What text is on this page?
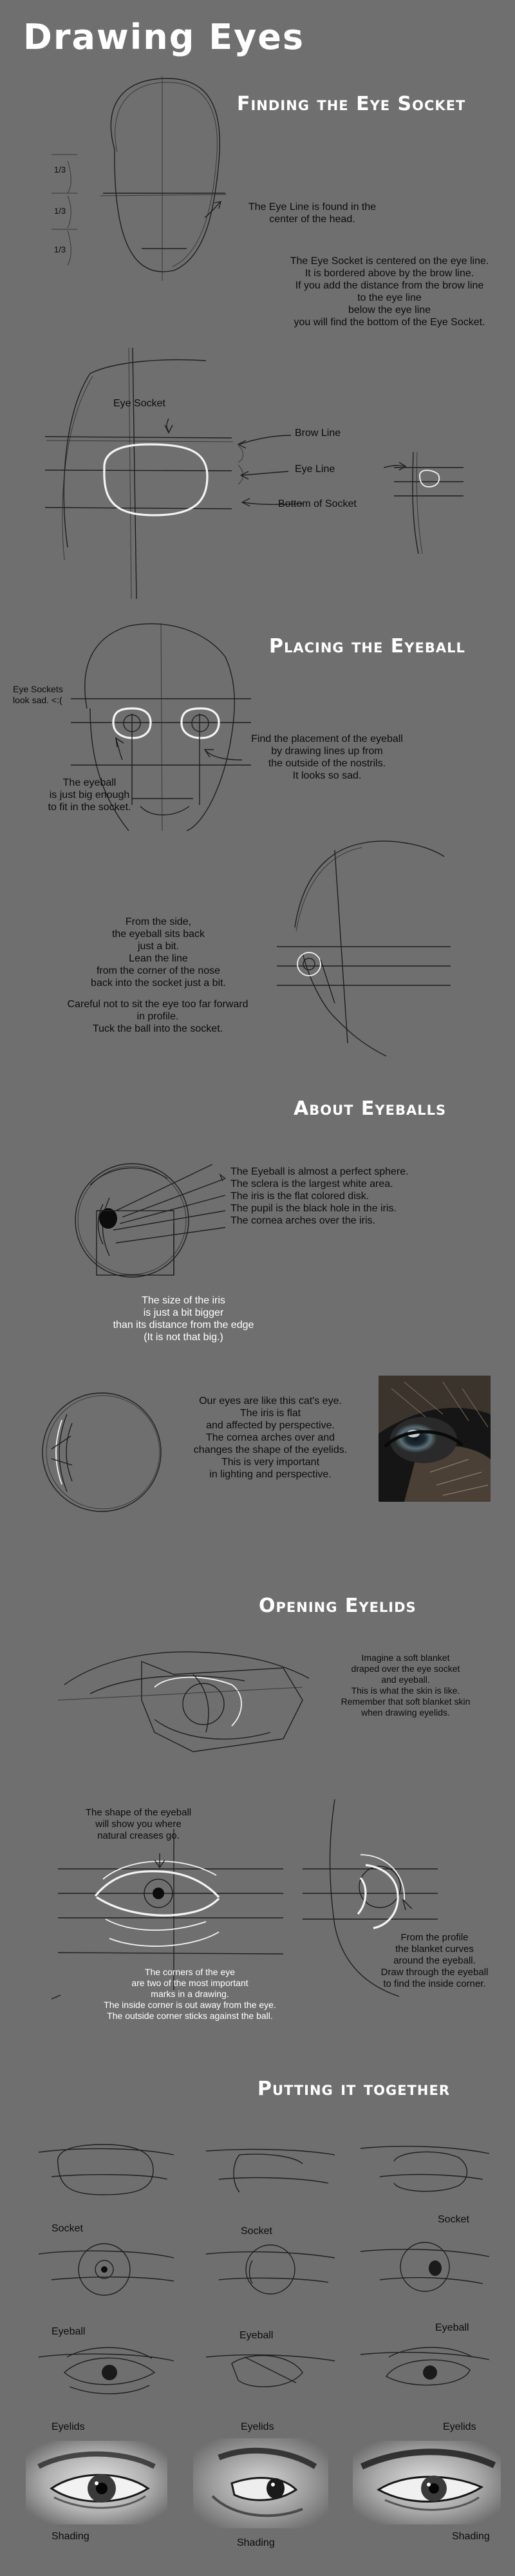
Drawing Eyes
Finding the Eye Socket
1/3
1/3
1/3
The Eye Line is found in the center of the head.
The Eye Socket is centered on the eye line.
It is bordered above by the brow line.
If you add the distance from the brow line
to the eye line
below the eye line
you will find the bottom of the Eye Socket.
Eye Socket
Brow Line
Eye Line
Bottom of Socket
Placing the Eyeball
Eye Sockets
look sad. <:(
The eyeball
is just big enough
to fit in the socket.
Find the placement of the eyeball
by drawing lines up from
the outside of the nostrils.
It looks so sad.
From the side,
the eyeball sits back
just a bit.
Lean the line
from the corner of the nose
back into the socket just a bit.
Careful not to sit the eye too far forward
in profile.
Tuck the ball into the socket.
About Eyeballs
The Eyeball is almost a perfect sphere.
The sclera is the largest white area.
The iris is the flat colored disk.
The pupil is the black hole in the iris.
The cornea arches over the iris.
The size of the iris
is just a bit bigger
than its distance from the edge
(It is not that big.)
Our eyes are like this cat's eye.
The iris is flat
and affected by perspective.
The cornea arches over and
changes the shape of the eyelids.
This is very important
in lighting and perspective.
Opening Eyelids
Imagine a soft blanket
draped over the eye socket
and eyeball.
This is what the skin is like.
Remember that soft blanket skin
when drawing eyelids.
The shape of the eyeball
will show you where
natural creases go.
From the profile
the blanket curves
around the eyeball.
Draw through the eyeball
to find the inside corner.
The corners of the eye
are two of the most important
marks in a drawing.
The inside corner is out away from the eye.
The outside corner sticks against the ball.
Putting it together
Socket	Socket
Socket
Eyeball	Eyeball
Eyeball
Eyelids	Eyelids	Eyelids
Shading
Shading
Shading
